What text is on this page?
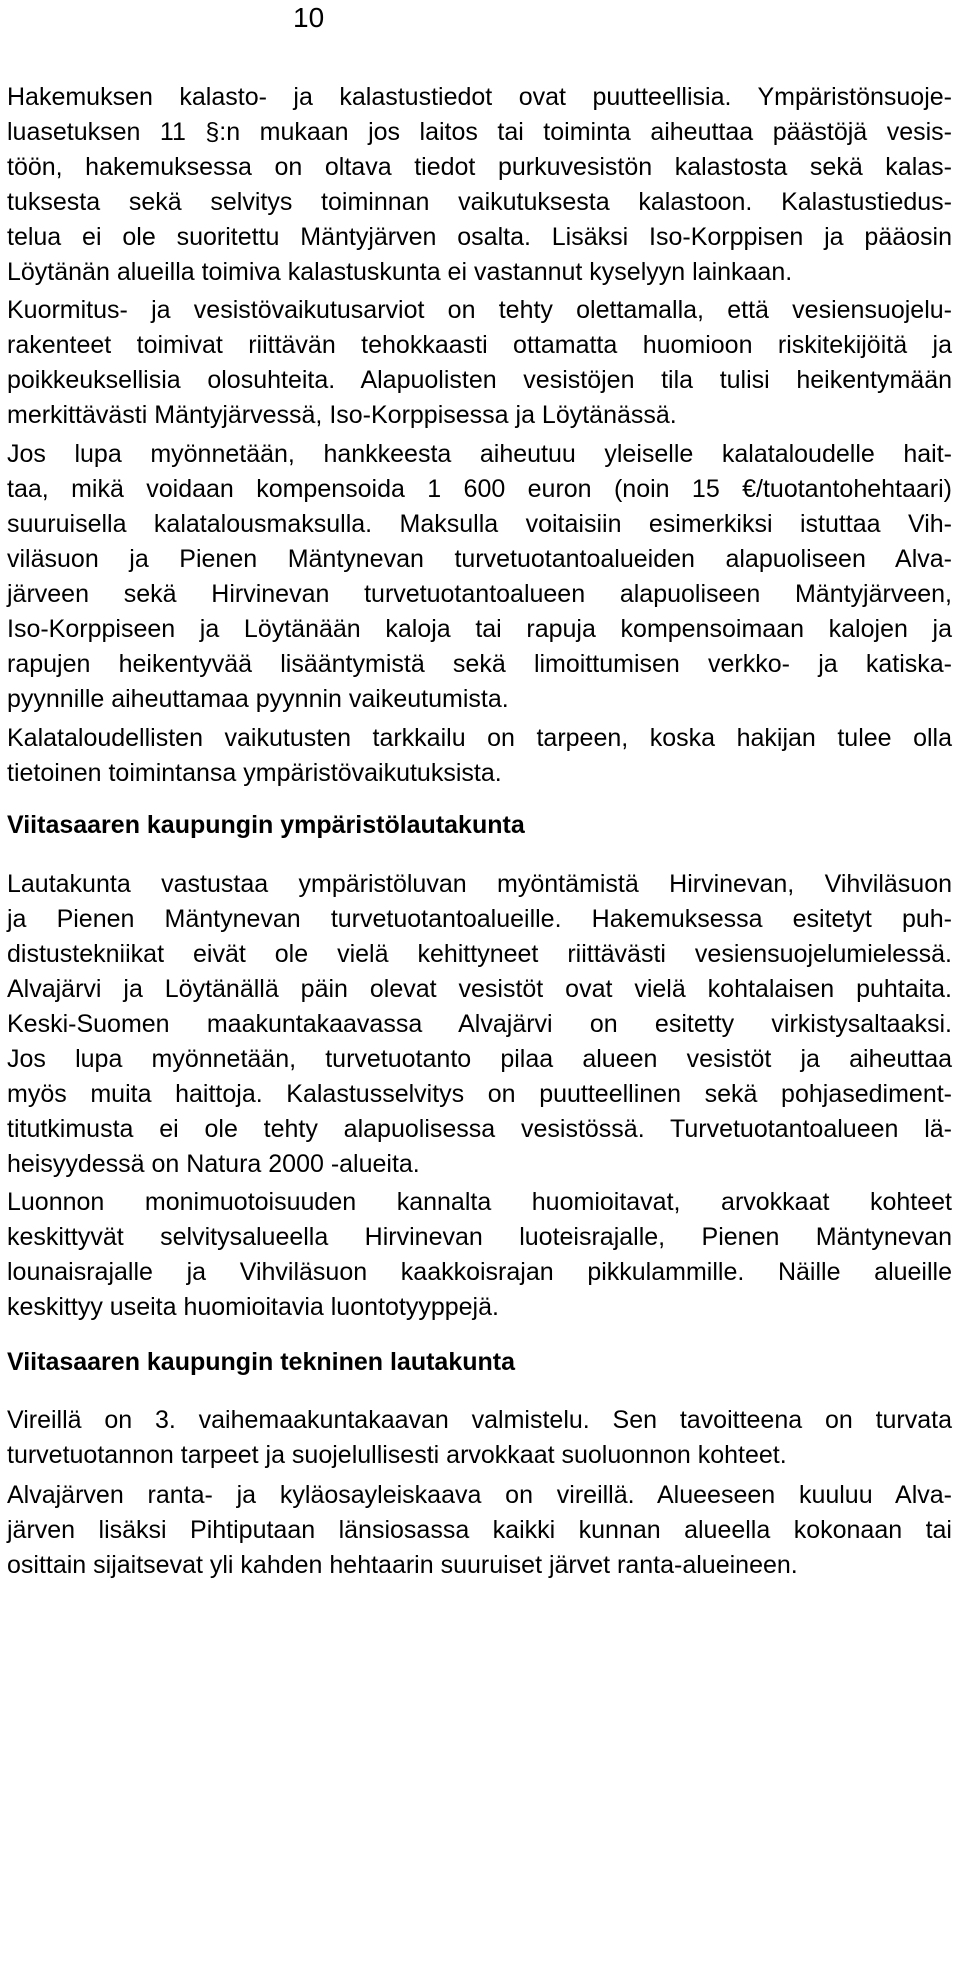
10
Hakemuksen kalasto- ja kalastustiedot ovat puutteellisia. Ympäristönsuoje-
luasetuksen 11 §:n mukaan jos laitos tai toiminta aiheuttaa päästöjä vesis-
töön, hakemuksessa on oltava tiedot purkuvesistön kalastosta sekä kalas-
tuksesta sekä selvitys toiminnan vaikutuksesta kalastoon. Kalastustiedus-
telua ei ole suoritettu Mäntyjärven osalta. Lisäksi Iso-Korppisen ja pääosin
Löytänän alueilla toimiva kalastuskunta ei vastannut kyselyyn lainkaan.
Kuormitus- ja vesistövaikutusarviot on tehty olettamalla, että vesiensuojelu-
rakenteet toimivat riittävän tehokkaasti ottamatta huomioon riskitekijöitä ja
poikkeuksellisia olosuhteita. Alapuolisten vesistöjen tila tulisi heikentymään
merkittävästi Mäntyjärvessä, Iso-Korppisessa ja Löytänässä.
Jos lupa myönnetään, hankkeesta aiheutuu yleiselle kalataloudelle hait-
taa, mikä voidaan kompensoida 1 600 euron (noin 15 €/tuotantohehtaari)
suuruisella kalatalousmaksulla. Maksulla voitaisiin esimerkiksi istuttaa Vih-
viläsuon ja Pienen Mäntynevan turvetuotantoalueiden alapuoliseen Alva-
järveen sekä Hirvinevan turvetuotantoalueen alapuoliseen Mäntyjärveen,
Iso-Korppiseen ja Löytänään kaloja tai rapuja kompensoimaan kalojen ja
rapujen heikentyvää lisääntymistä sekä limoittumisen verkko- ja katiska-
pyynnille aiheuttamaa pyynnin vaikeutumista.
Kalataloudellisten vaikutusten tarkkailu on tarpeen, koska hakijan tulee olla
tietoinen toimintansa ympäristövaikutuksista.
Viitasaaren kaupungin ympäristölautakunta
Lautakunta vastustaa ympäristöluvan myöntämistä Hirvinevan, Vihviläsuon
ja Pienen Mäntynevan turvetuotantoalueille. Hakemuksessa esitetyt puh-
distustekniikat eivät ole vielä kehittyneet riittävästi vesiensuojelumielessä.
Alvajärvi ja Löytänällä päin olevat vesistöt ovat vielä kohtalaisen puhtaita.
Keski-Suomen maakuntakaavassa Alvajärvi on esitetty virkistysaltaaksi.
Jos lupa myönnetään, turvetuotanto pilaa alueen vesistöt ja aiheuttaa
myös muita haittoja. Kalastusselvitys on puutteellinen sekä pohjasediment-
titutkimusta ei ole tehty alapuolisessa vesistössä. Turvetuotantoalueen lä-
heisyydessä on Natura 2000 -alueita.
Luonnon monimuotoisuuden kannalta huomioitavat, arvokkaat kohteet
keskittyvät selvitysalueella Hirvinevan luoteisrajalle, Pienen Mäntynevan
lounaisrajalle ja Vihviläsuon kaakkoisrajan pikkulammille. Näille alueille
keskittyy useita huomioitavia luontotyyppejä.
Viitasaaren kaupungin tekninen lautakunta
Vireillä on 3. vaihemaakuntakaavan valmistelu. Sen tavoitteena on turvata
turvetuotannon tarpeet ja suojelullisesti arvokkaat suoluonnon kohteet.
Alvajärven ranta- ja kyläosayleiskaava on vireillä. Alueeseen kuuluu Alva-
järven lisäksi Pihtiputaan länsiosassa kaikki kunnan alueella kokonaan tai
osittain sijaitsevat yli kahden hehtaarin suuruiset järvet ranta-alueineen.
